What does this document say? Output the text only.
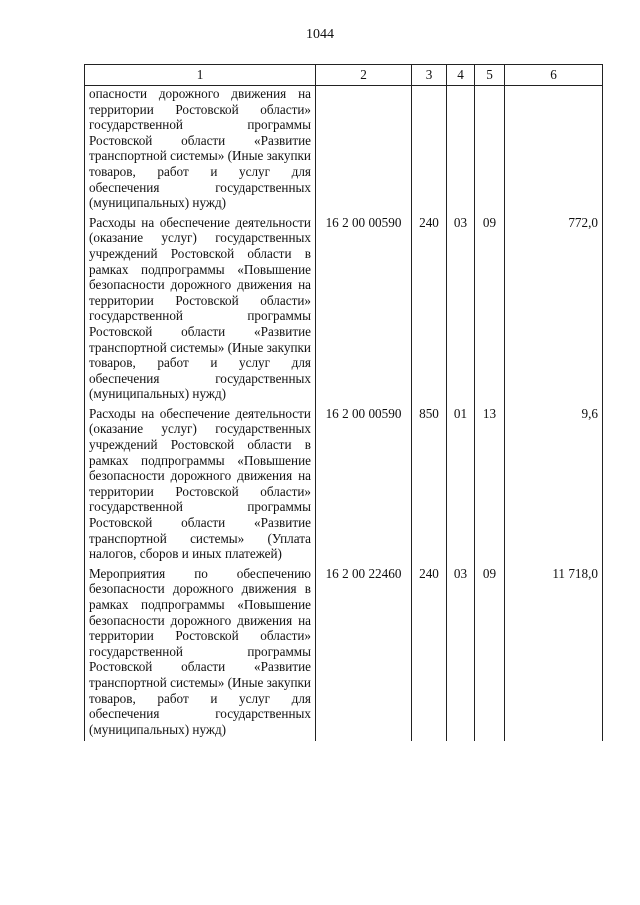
1044
1	2	3	4	5	6
опасности дорожного движения на территории Ростовской области» государственной программы Ростовской области «Развитие транспортной системы» (Иные закупки товаров, работ и услуг для обеспечения государственных (муниципальных) нужд)					
Расходы на обеспечение деятельности (оказание услуг) государственных учреждений Ростовской области в рамках подпрограммы «Повышение безопасности дорожного движения на территории Ростовской области» государственной программы Ростовской области «Развитие транспортной системы» (Иные закупки товаров, работ и услуг для обеспечения государственных (муниципальных) нужд)	16 2 00 00590	240	03	09	772,0
Расходы на обеспечение деятельности (оказание услуг) государственных учреждений Ростовской области в рамках подпрограммы «Повышение безопасности дорожного движения на территории Ростовской области» государственной программы Ростовской области «Развитие транспортной системы» (Уплата налогов, сборов и иных платежей)	16 2 00 00590	850	01	13	9,6
Мероприятия по обеспечению безопасности дорожного движения в рамках подпрограммы «Повышение безопасности дорожного движения на территории Ростовской области» государственной программы Ростовской области «Развитие транспортной системы» (Иные закупки товаров, работ и услуг для обеспечения государственных (муниципальных) нужд)	16 2 00 22460	240	03	09	11 718,0
